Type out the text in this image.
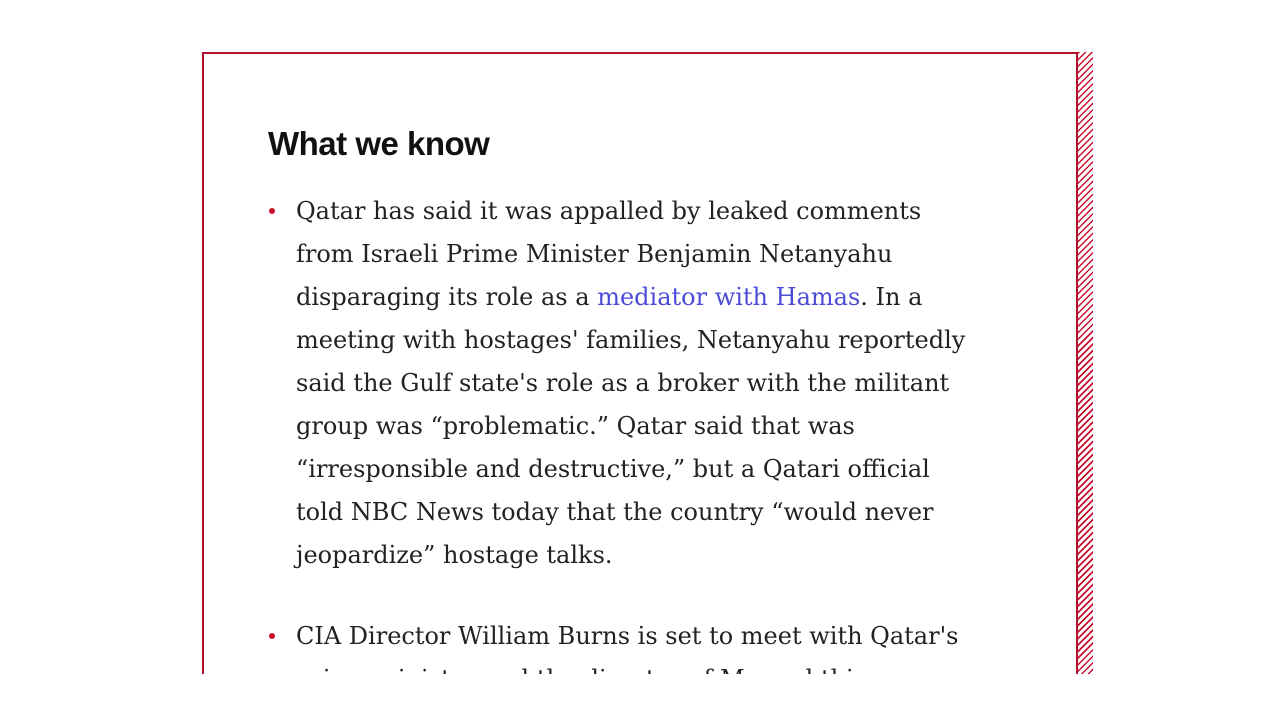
What we know
Qatar has said it was appalled by leaked comments
from Israeli Prime Minister Benjamin Netanyahu
disparaging its role as a mediator with Hamas. In a
meeting with hostages' families, Netanyahu reportedly
said the Gulf state's role as a broker with the militant
group was “problematic.” Qatar said that was
“irresponsible and destructive,” but a Qatari official
told NBC News today that the country “would never
jeopardize” hostage talks.
CIA Director William Burns is set to meet with Qatar's
